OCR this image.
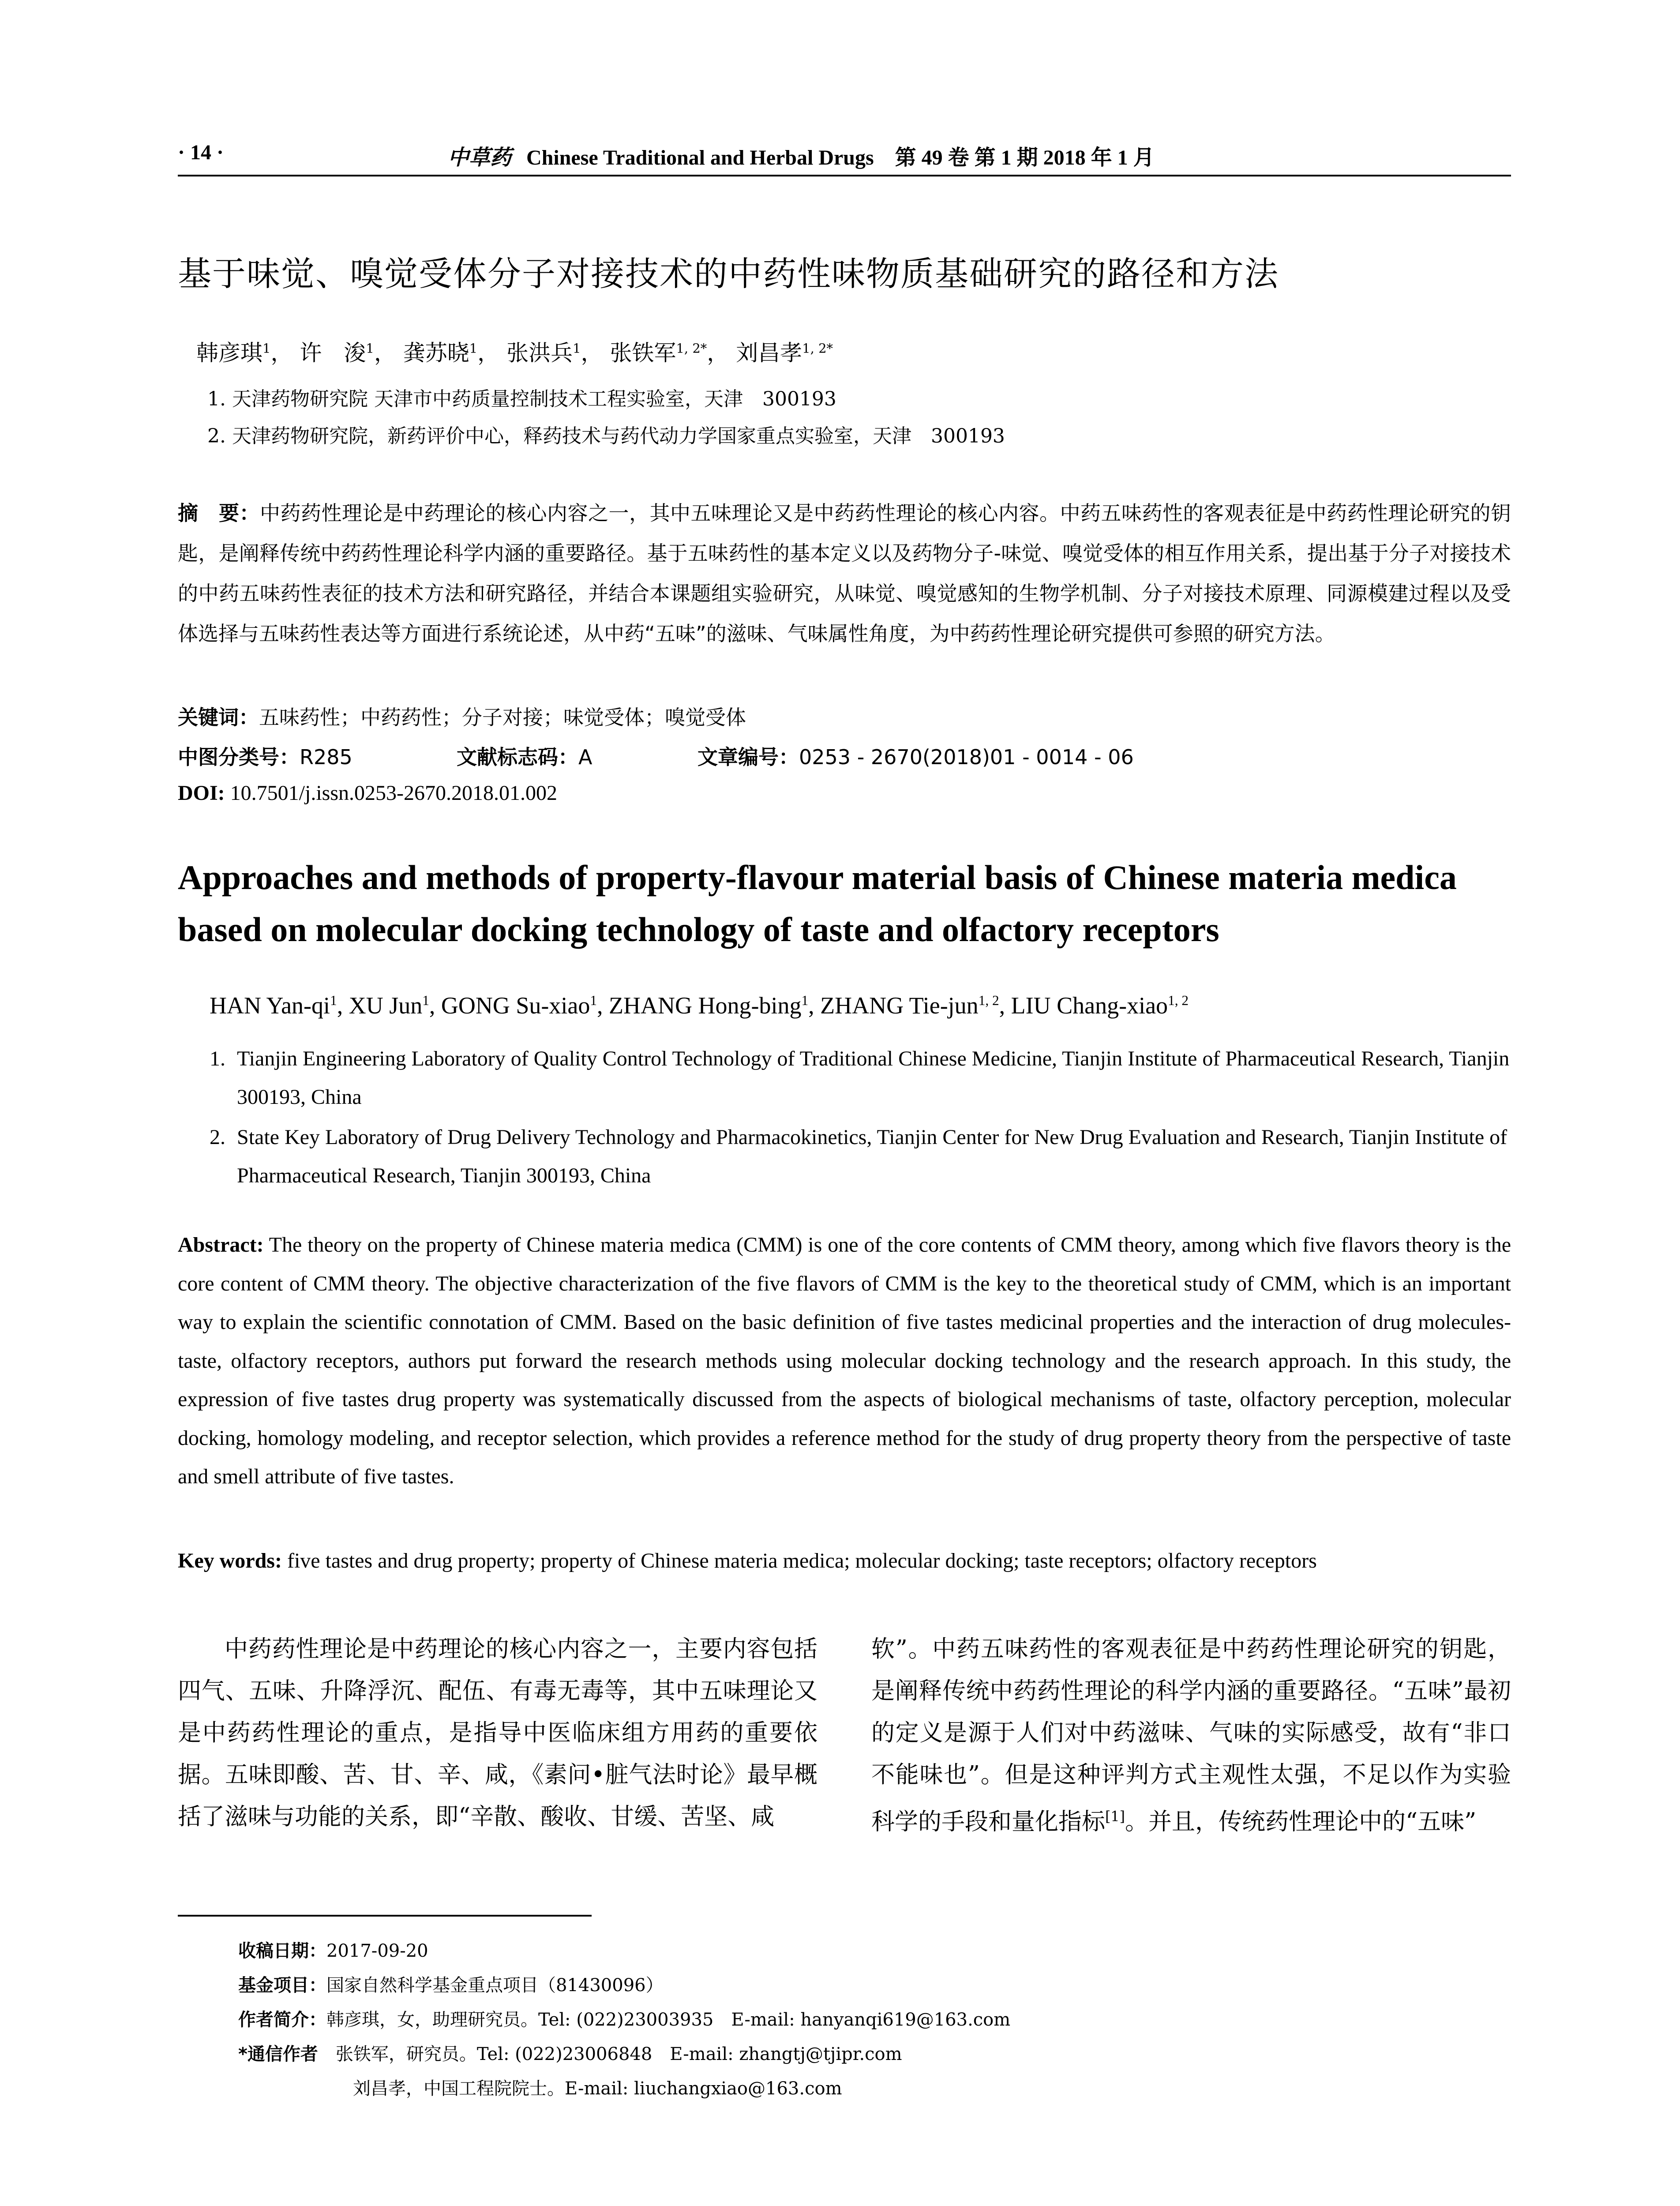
· 14 ·	中草药 Chinese Traditional and Herbal Drugs　第 49 卷 第 1 期 2018 年 1 月
基于味觉、嗅觉受体分子对接技术的中药性味物质基础研究的路径和方法
韩彦琪$^1$， 许　浚$^1$， 龚苏晓$^1$， 张洪兵$^1$， 张铁军$^{1, 2*}$， 刘昌孝$^{1, 2*}$
1. 天津药物研究院 天津市中药质量控制技术工程实验室，天津　300193
2. 天津药物研究院，新药评价中心，释药技术与药代动力学国家重点实验室，天津　300193
摘　要：中药药性理论是中药理论的核心内容之一，其中五味理论又是中药药性理论的核心内容。中药五味药性的客观表征是中药药性理论研究的钥匙，是阐释传统中药药性理论科学内涵的重要路径。基于五味药性的基本定义以及药物分子-味觉、嗅觉受体的相互作用关系，提出基于分子对接技术的中药五味药性表征的技术方法和研究路径，并结合本课题组实验研究，从味觉、嗅觉感知的生物学机制、分子对接技术原理、同源模建过程以及受体选择与五味药性表达等方面进行系统论述，从中药“五味”的滋味、气味属性角度，为中药药性理论研究提供可参照的研究方法。
关键词：五味药性；中药药性；分子对接；味觉受体；嗅觉受体
中图分类号：R285	文献标志码：A	文章编号：0253 - 2670(2018)01 - 0014 - 06
DOI: 10.7501/j.issn.0253-2670.2018.01.002
Approaches and methods of property-flavour material basis of Chinese materia medica based on molecular docking technology of taste and olfactory receptors
HAN Yan-$qi^1$, XU Jun$^1$, GONG Su-xiao$^1$, ZHANG Hong-bing$^1$, ZHANG Tie-jun$^{1, 2}$, LIU Chang-xiao$^{1, 2}$
1. Tianjin Engineering Laboratory of Quality Control Technology of Traditional Chinese Medicine, Tianjin Institute of Pharmaceutical Research, Tianjin 300193, China
2. State Key Laboratory of Drug Delivery Technology and Pharmacokinetics, Tianjin Center for New Drug Evaluation and Research, Tianjin Institute of Pharmaceutical Research, Tianjin 300193, China
Abstract: The theory on the property of Chinese materia medica (CMM) is one of the core contents of CMM theory, among which five flavors theory is the core content of CMM theory. The objective characterization of the five flavors of CMM is the key to the theoretical study of CMM, which is an important way to explain the scientific connotation of CMM. Based on the basic definition of five tastes medicinal properties and the interaction of drug molecules-taste, olfactory receptors, authors put forward the research methods using molecular docking technology and the research approach. In this study, the expression of five tastes drug property was systematically discussed from the aspects of biological mechanisms of taste, olfactory perception, molecular docking, homology modeling, and receptor selection, which provides a reference method for the study of drug property theory from the perspective of taste and smell attribute of five tastes.
Key words: five tastes and drug property; property of Chinese materia medica; molecular docking; taste receptors; olfactory receptors
中药药性理论是中药理论的核心内容之一，主要内容包括四气、五味、升降浮沉、配伍、有毒无毒等，其中五味理论又是中药药性理论的重点，是指导中医临床组方用药的重要依据。五味即酸、苦、甘、辛、咸，《素问•脏气法时论》最早概括了滋味与功能的关系，即“辛散、酸收、甘缓、苦坚、咸
软”。中药五味药性的客观表征是中药药性理论研究的钥匙，是阐释传统中药药性理论的科学内涵的重要路径。“五味”最初的定义是源于人们对中药滋味、气味的实际感受，故有“非口不能味也”。但是这种评判方式主观性太强，不足以作为实验科学的手段和量化指标[1]。并且，传统药性理论中的“五味”
收稿日期：2017-09-20
基金项目：国家自然科学基金重点项目（81430096）
作者简介：韩彦琪，女，助理研究员。Tel: (022)23003935　E-mail: hanyanqi619@163.com
*通信作者　 张铁军，研究员。Tel: (022)23006848　E-mail: zhangtj@tjipr.com
刘昌孝，中国工程院院士。E-mail: liuchangxiao@163.com
